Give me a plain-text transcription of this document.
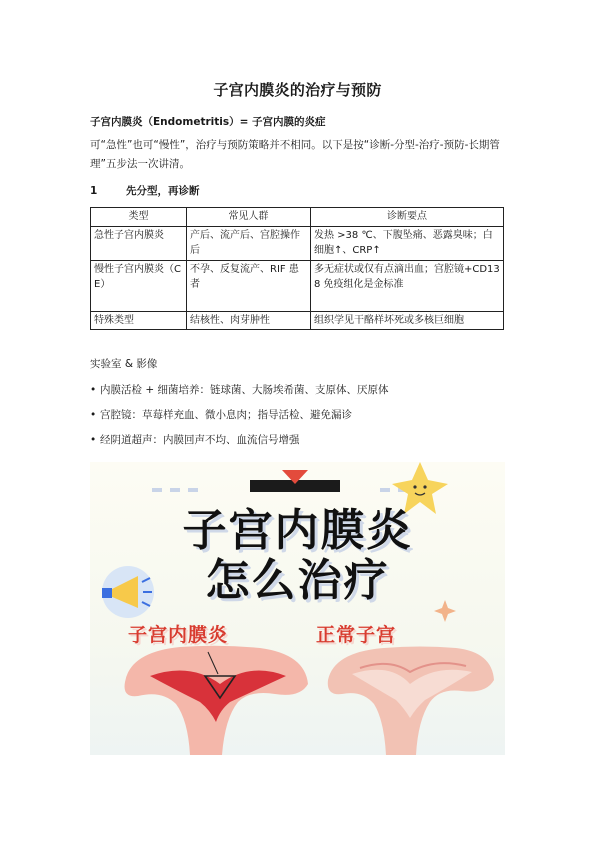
子宫内膜炎的治疗与预防
子宫内膜炎（Endometritis）= 子宫内膜的炎症
可“急性”也可“慢性”，治疗与预防策略并不相同。以下是按“诊断-分型-治疗-预防-长期管理”五步法一次讲清。
1	先分型，再诊断
类型	常见人群	诊断要点
急性子宫内膜炎	产后、流产后、宫腔操作后	发热 >38 ℃、下腹坠痛、恶露臭味；白细胞↑、CRP↑
慢性子宫内膜炎（CE）	不孕、反复流产、RIF 患者	多无症状或仅有点滴出血；宫腔镜+CD138 免疫组化是金标准
特殊类型	结核性、肉芽肿性	组织学见干酪样坏死或多核巨细胞
实验室 & 影像
• 内膜活检 + 细菌培养：链球菌、大肠埃希菌、支原体、厌原体
• 宫腔镜：草莓样充血、微小息肉；指导活检、避免漏诊
• 经阴道超声：内膜回声不均、血流信号增强
子宫内膜炎
怎么治疗
子宫内膜炎	正常子宫
